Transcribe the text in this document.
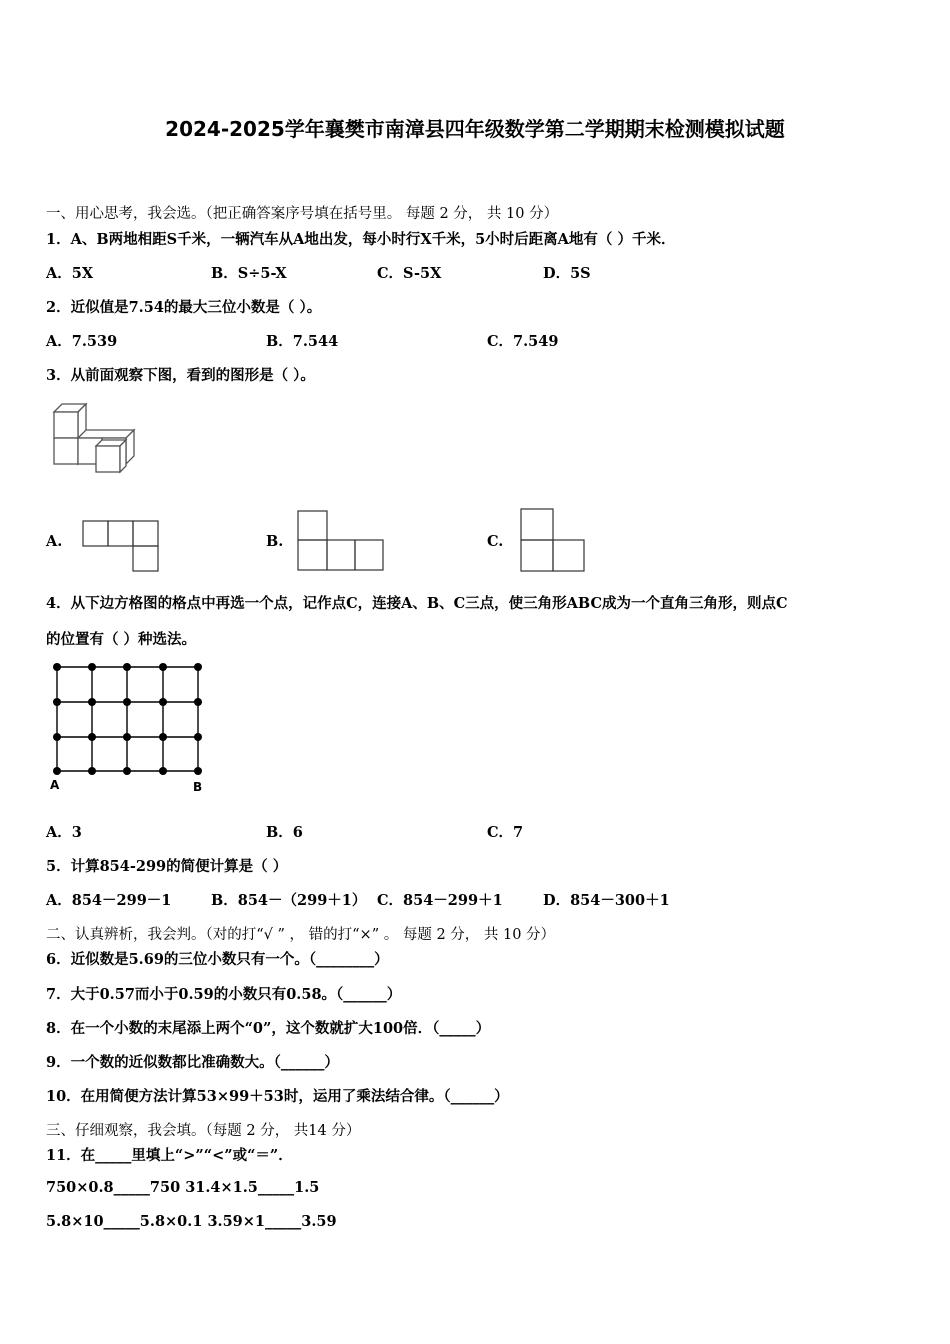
2024-2025学年襄樊市南漳县四年级数学第二学期期末检测模拟试题
一、用心思考，我会选。（把正确答案序号填在括号里。 每题 2 分， 共 10 分）
1．A、B两地相距S千米，一辆汽车从A地出发，每小时行X千米，5小时后距离A地有（ ）千米．
A．5X	B．S÷5-X	C．S-5X	D．5S
2．近似值是7.54的最大三位小数是（ ）。
A．7.539	B．7.544	C．7.549
3．从前面观察下图，看到的图形是（ ）。
A.	B.	C.
4．从下边方格图的格点中再选一个点，记作点C，连接A、B、C三点，使三角形ABC成为一个直角三角形，则点C
的位置有（ ）种选法。
A	B
A．3	B．6	C．7
5．计算854-299的简便计算是（ ）
A．854－299－1	B．854－（299＋1） C．854－299＋1	D．854－300＋1
二、认真辨析，我会判。（对的打“√ ” ， 错的打“×” 。 每题 2 分， 共 10 分）
6．近似数是5.69的三位小数只有一个。（________）
7．大于0.57而小于0.59的小数只有0.58。（______）
8．在一个小数的末尾添上两个“0”，这个数就扩大100倍．（_____）
9．一个数的近似数都比准确数大。（______）
10．在用简便方法计算53×99＋53时，运用了乘法结合律。（______）
三、仔细观察，我会填。（每题 2 分， 共14 分）
11．在_____里填上“>”“<”或“＝”．
750×0.8_____750 31.4×1.5_____1.5
5.8×10_____5.8×0.1 3.59×1_____3.59
